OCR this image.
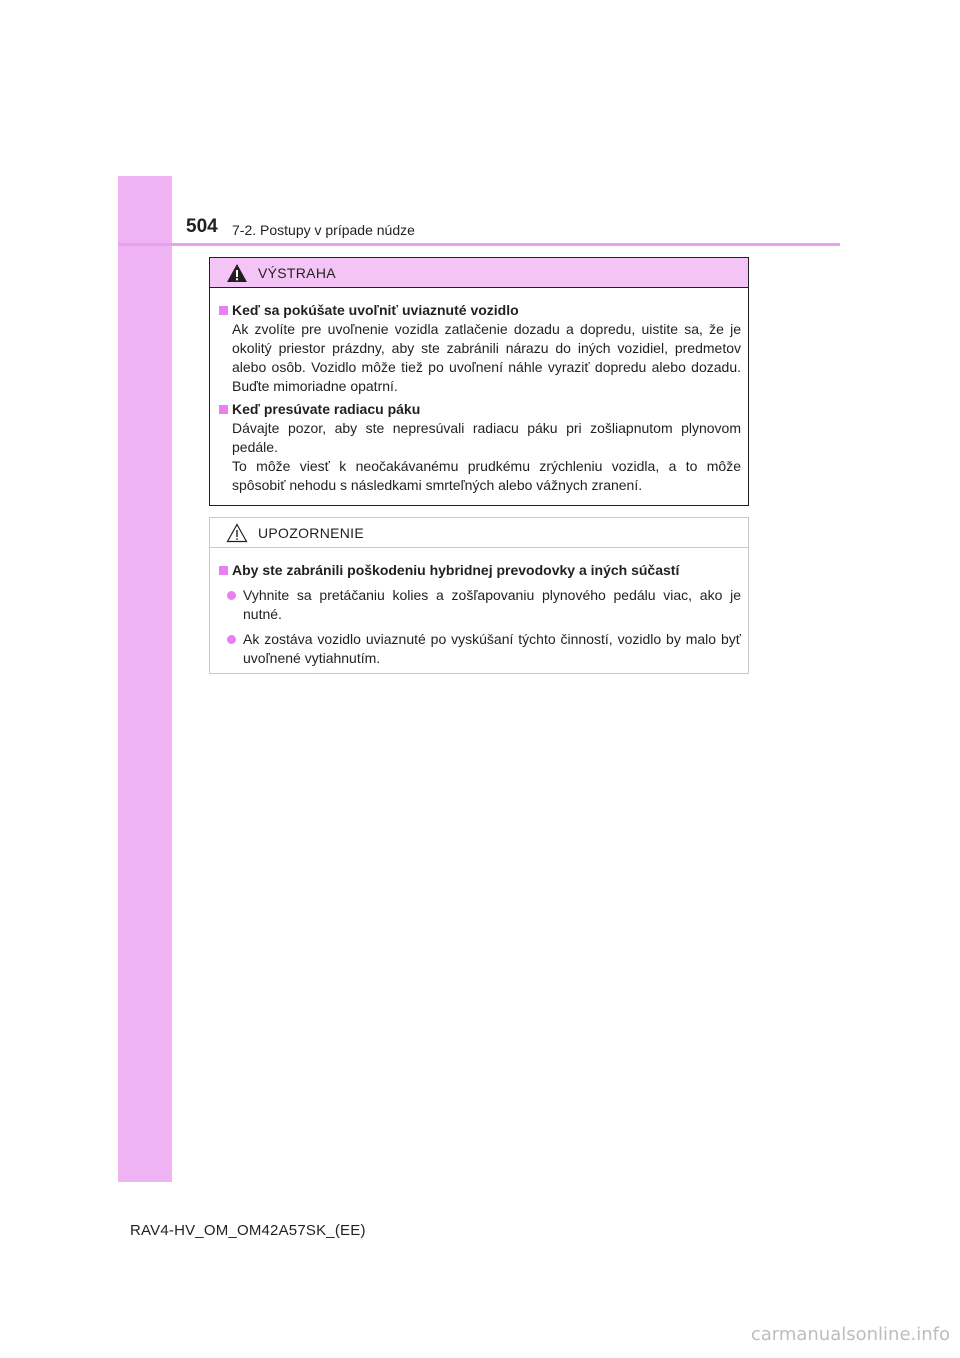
504 7-2. Postupy v prípade núdze
VÝSTRAHA
Keď sa pokúšate uvoľniť uviaznuté vozidlo
Ak zvolíte pre uvoľnenie vozidla zatlačenie dozadu a dopredu, uistite sa, že je okolitý priestor prázdny, aby ste zabránili nárazu do iných vozidiel, predmetov alebo osôb. Vozidlo môže tiež po uvoľnení náhle vyraziť dopredu alebo dozadu. Buďte mimoriadne opatrní.
Keď presúvate radiacu páku
Dávajte pozor, aby ste nepresúvali radiacu páku pri zošliapnutom plynovom pedále.
To môže viesť k neočakávanému prudkému zrýchleniu vozidla, a to môže spôsobiť nehodu s následkami smrteľných alebo vážnych zranení.
UPOZORNENIE
Aby ste zabránili poškodeniu hybridnej prevodovky a iných súčastí
Vyhnite sa pretáčaniu kolies a zošľapovaniu plynového pedálu viac, ako je nutné.
Ak zostáva vozidlo uviaznuté po vyskúšaní týchto činností, vozidlo by malo byť uvoľnené vytiahnutím.
RAV4-HV_OM_OM42A57SK_(EE)
carmanualsonline.info
